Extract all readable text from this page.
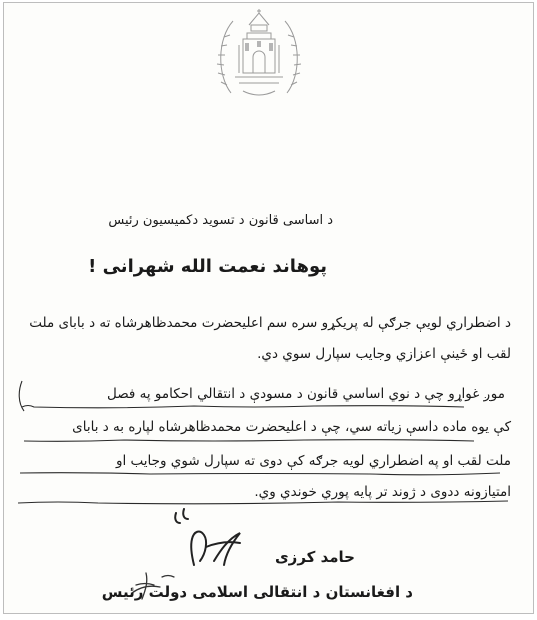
د اساسی قانون د تسوید دکمیسیون رئیس
پوهاند نعمت الله شهرانی !
د اضطراري لويې جرګې له پريكړو سره سم اعليحضرت محمدظاهرشاه ته د باباى ملت
لقب او ځينې اعزازي وجايب سپارل سوي دي.
موږ غواړو چې د نوي اساسي قانون د مسودې د انتقالي احكامو په فصل
كې يوه ماده داسې زياته سي، چې د اعليحضرت محمدظاهرشاه لپاره به د باباى
ملت لقب او په اضطراري لويه جرګه كې دوى ته سپارل شوي وجايب او
امتيازونه ددوى د ژوند تر پايه پوري خوندي وي.
حامد کرزی
د افغانستان د انتقالی اسلامی دولت رئیس
